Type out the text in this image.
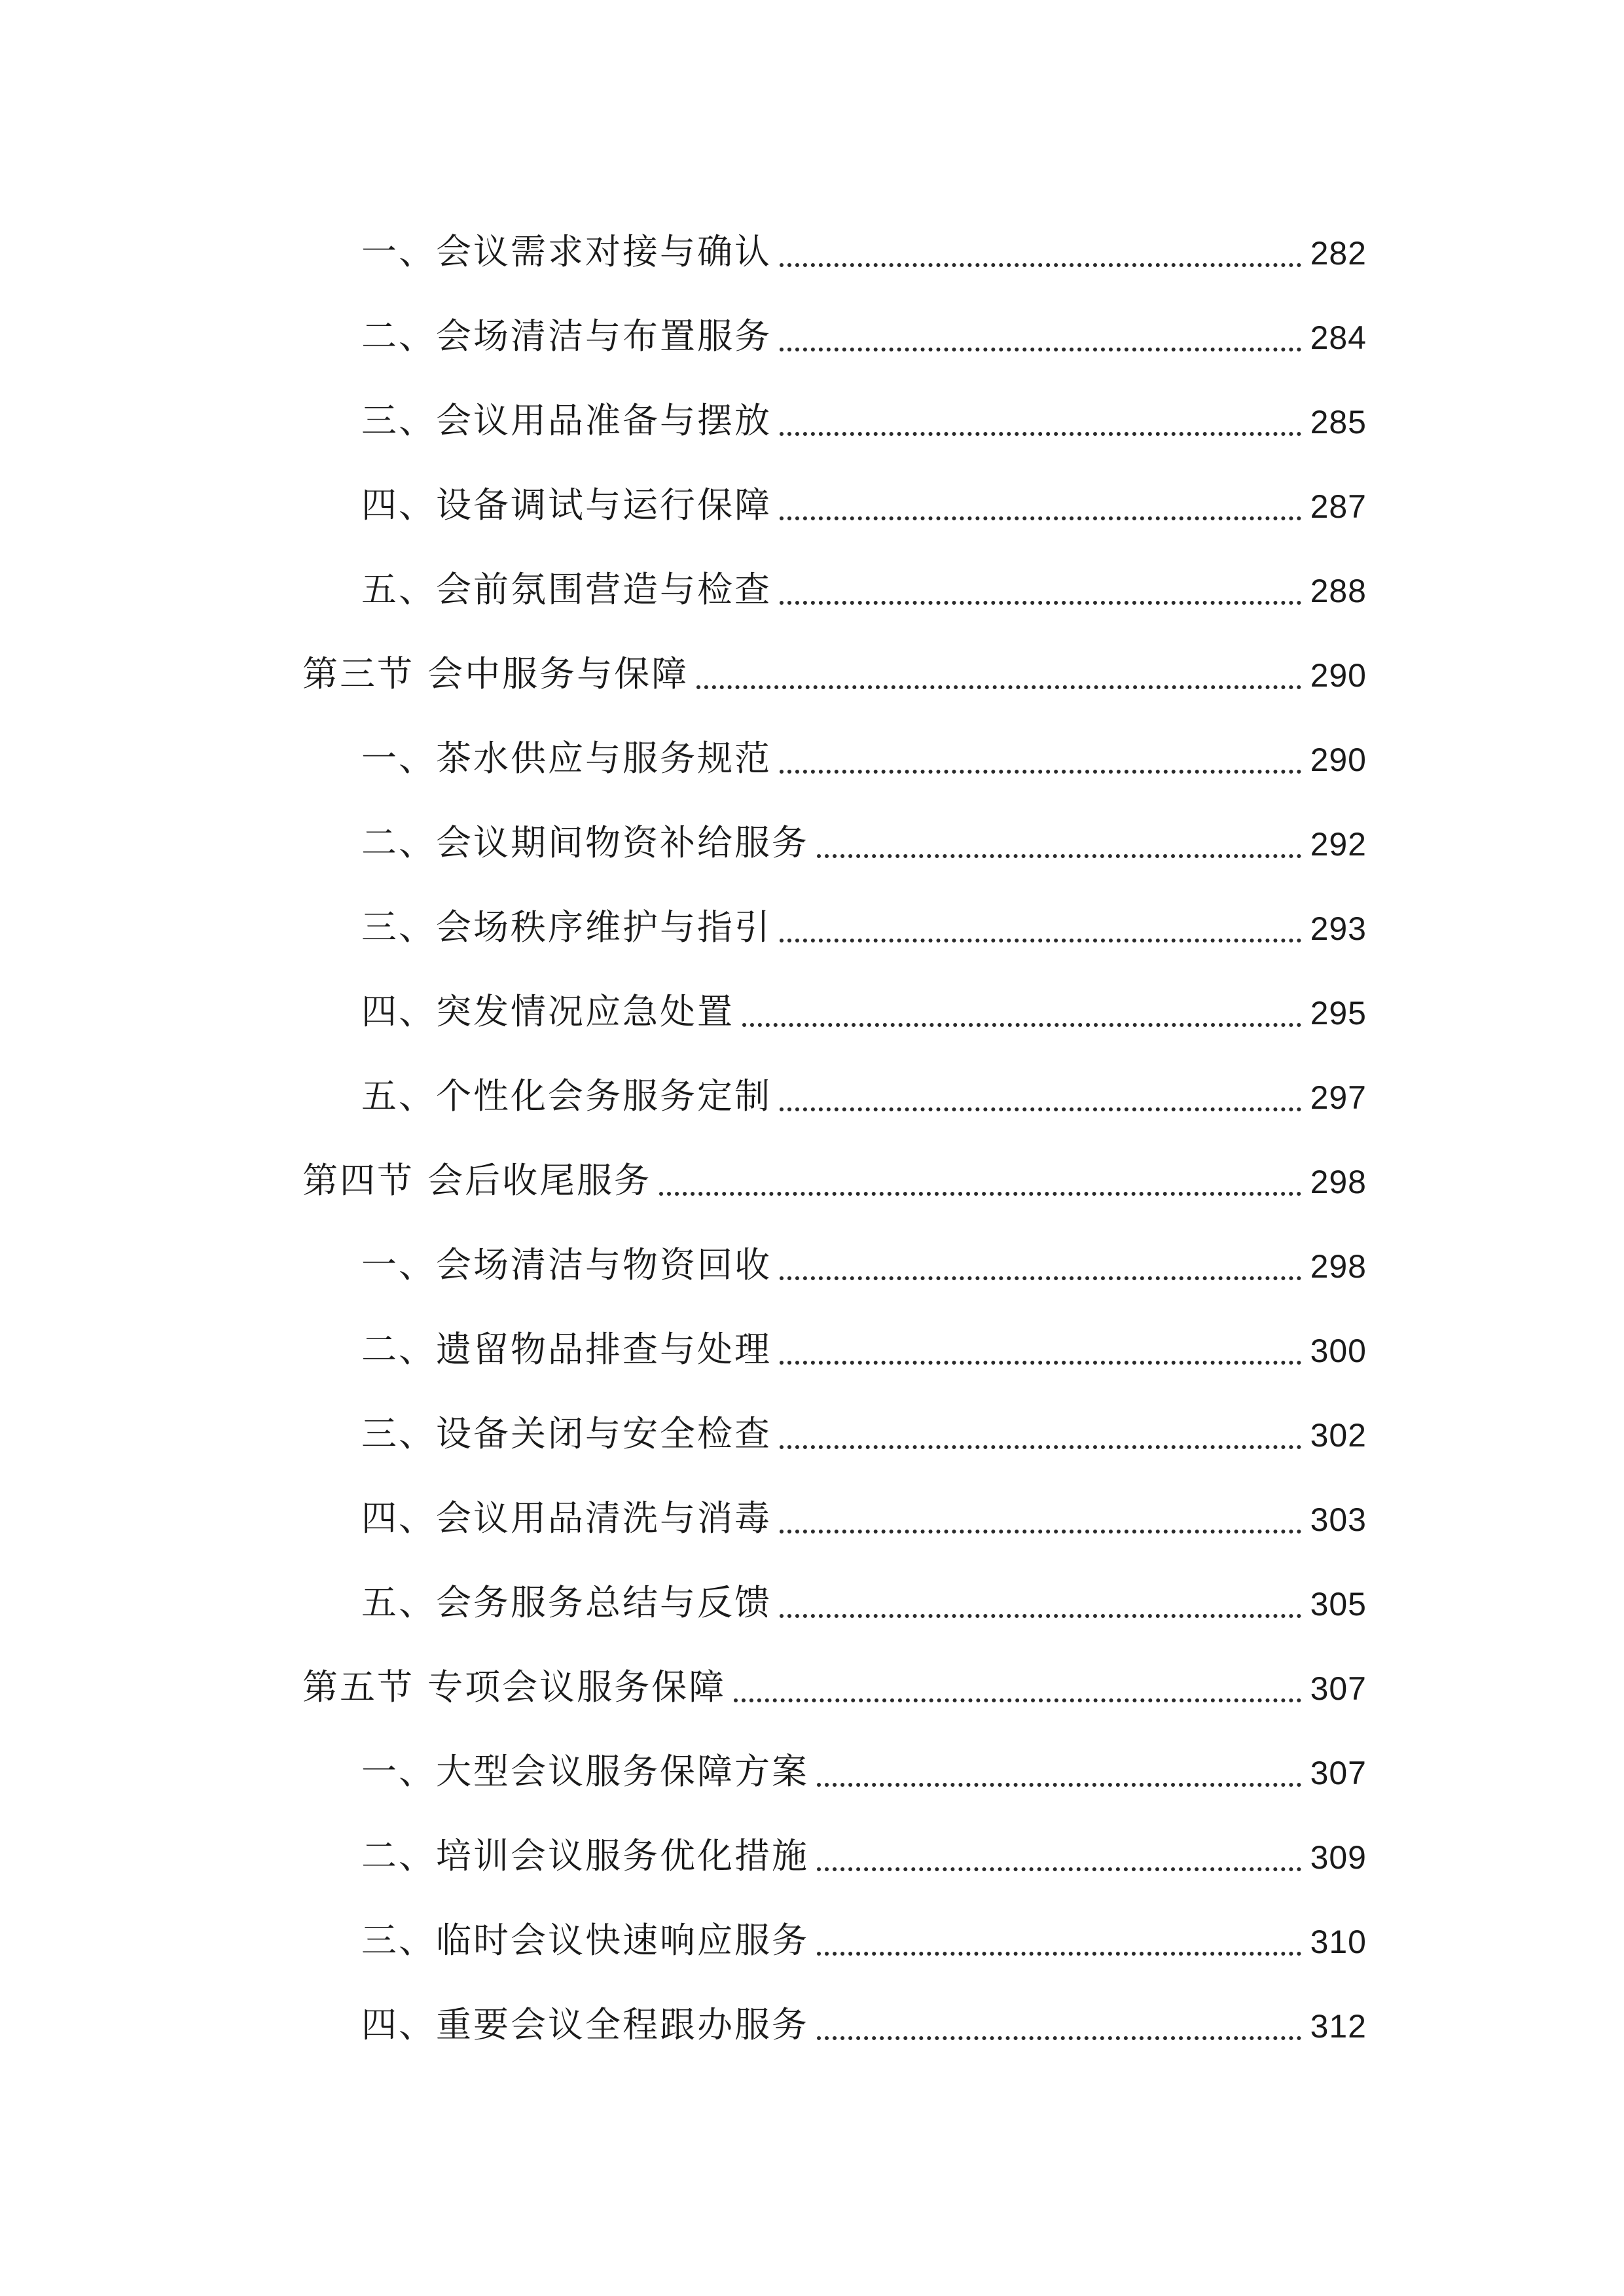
一、会议需求对接与确认	282
二、会场清洁与布置服务	284
三、会议用品准备与摆放	285
四、设备调试与运行保障	287
五、会前氛围营造与检查	288
第三节 会中服务与保障	290
一、茶水供应与服务规范	290
二、会议期间物资补给服务	292
三、会场秩序维护与指引	293
四、突发情况应急处置	295
五、个性化会务服务定制	297
第四节 会后收尾服务	298
一、会场清洁与物资回收	298
二、遗留物品排查与处理	300
三、设备关闭与安全检查	302
四、会议用品清洗与消毒	303
五、会务服务总结与反馈	305
第五节 专项会议服务保障	307
一、大型会议服务保障方案	307
二、培训会议服务优化措施	309
三、临时会议快速响应服务	310
四、重要会议全程跟办服务	312
